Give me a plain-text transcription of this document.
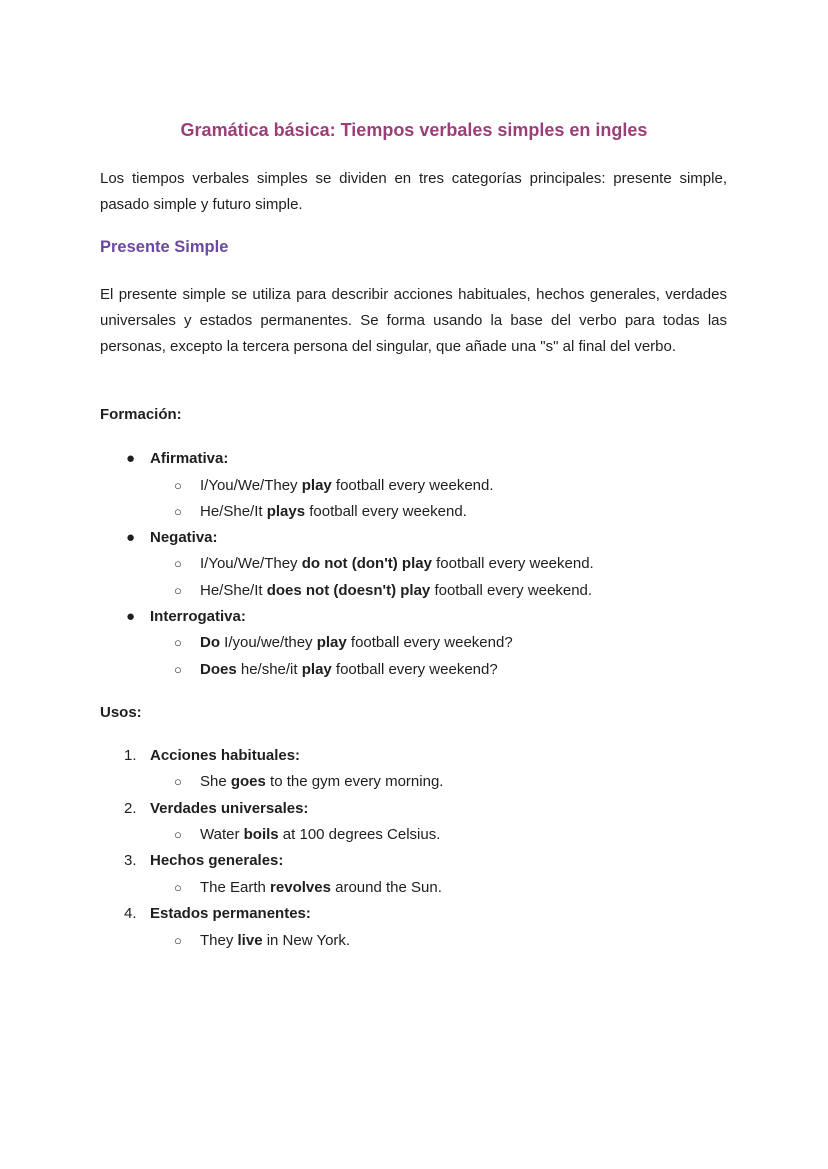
Gramática básica: Tiempos verbales simples en ingles

Los tiempos verbales simples se dividen en tres categorías principales: presente simple, pasado simple y futuro simple.

Presente Simple

El presente simple se utiliza para describir acciones habituales, hechos generales, verdades universales y estados permanentes. Se forma usando la base del verbo para todas las personas, excepto la tercera persona del singular, que añade una "s" al final del verbo.

Formación:
● Afirmativa:
○ I/You/We/They play football every weekend.
○ He/She/It plays football every weekend.
● Negativa:
○ I/You/We/They do not (don't) play football every weekend.
○ He/She/It does not (doesn't) play football every weekend.
● Interrogativa:
○ Do I/you/we/they play football every weekend?
○ Does he/she/it play football every weekend?
Usos:
1. Acciones habituales:
○ She goes to the gym every morning.
2. Verdades universales:
○ Water boils at 100 degrees Celsius.
3. Hechos generales:
○ The Earth revolves around the Sun.
4. Estados permanentes:
○ They live in New York.
